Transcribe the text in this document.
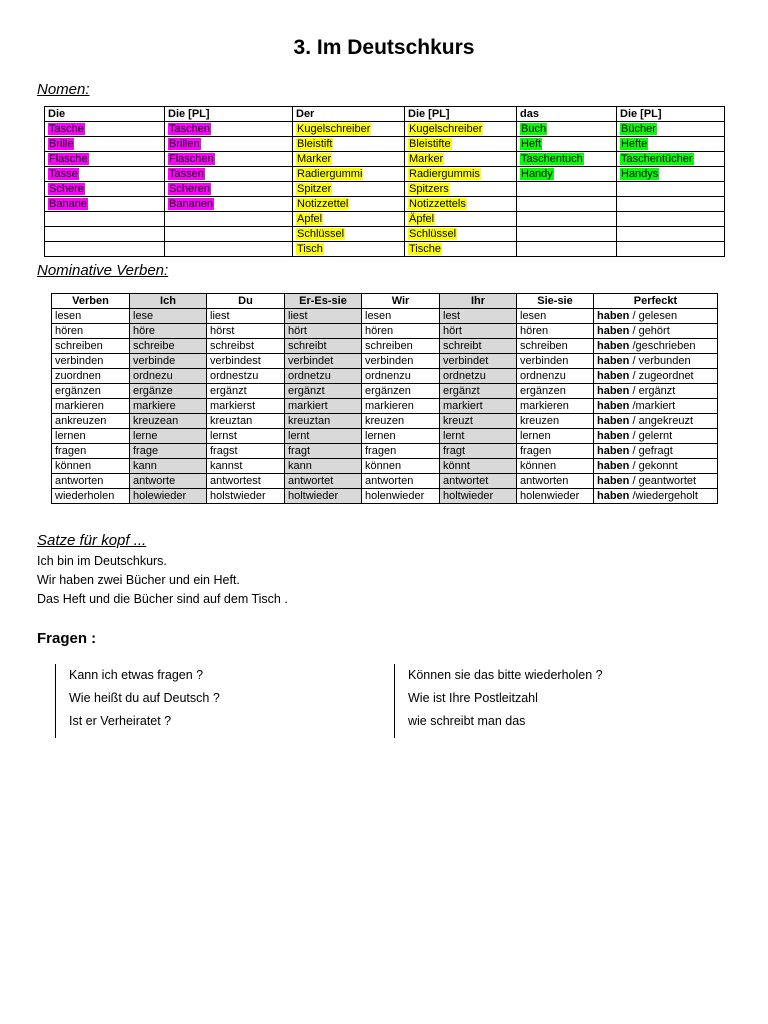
3. Im Deutschkurs
Nomen:
Die	Die [PL]	Der	Die [PL]	das	Die [PL]
Tasche	Taschen	Kugelschreiber	Kugelschreiber	Buch	Bücher
Brille	Brillen	Bleistift	Bleistifte	Heft	Hefte
Flasche	Flaschen	Marker	Marker	Taschentuch	Taschentücher
Tasse	Tassen	Radiergummi	Radiergummis	Handy	Handys
Schere	Scheren	Spitzer	Spitzers		
Banane	Bananen	Notizzettel	Notizzettels		
		Apfel	Äpfel		
		Schlüssel	Schlüssel		
		Tisch	Tische		
Nominative Verben:
Verben	Ich	Du	Er-Es-sie	Wir	Ihr	Sie-sie	Perfeckt
lesen	lese	liest	liest	lesen	lest	lesen	haben / gelesen
hören	höre	hörst	hört	hören	hört	hören	haben / gehört
schreiben	schreibe	schreibst	schreibt	schreiben	schreibt	schreiben	haben /geschrieben
verbinden	verbinde	verbindest	verbindet	verbinden	verbindet	verbinden	haben / verbunden
zuordnen	ordnezu	ordnestzu	ordnetzu	ordnenzu	ordnetzu	ordnenzu	haben / zugeordnet
ergänzen	ergänze	ergänzt	ergänzt	ergänzen	ergänzt	ergänzen	haben / ergänzt
markieren	markiere	markierst	markiert	markieren	markiert	markieren	haben /markiert
ankreuzen	kreuzean	kreuztan	kreuztan	kreuzen	kreuzt	kreuzen	haben / angekreuzt
lernen	lerne	lernst	lernt	lernen	lernt	lernen	haben / gelernt
fragen	frage	fragst	fragt	fragen	fragt	fragen	haben / gefragt
können	kann	kannst	kann	können	könnt	können	haben / gekonnt
antworten	antworte	antwortest	antwortet	antworten	antwortet	antworten	haben / geantwortet
wiederholen	holewieder	holstwieder	holtwieder	holenwieder	holtwieder	holenwieder	haben /wiedergeholt
Satze für kopf ...
Ich bin im Deutschkurs.
Wir haben zwei Bücher und ein Heft.
Das Heft und die Bücher sind auf dem Tisch .
Fragen :
Kann ich etwas fragen ?
Wie heißt du auf Deutsch ?
Ist er Verheiratet ?
Können sie das bitte wiederholen ?
Wie ist Ihre Postleitzahl
wie schreibt man das
